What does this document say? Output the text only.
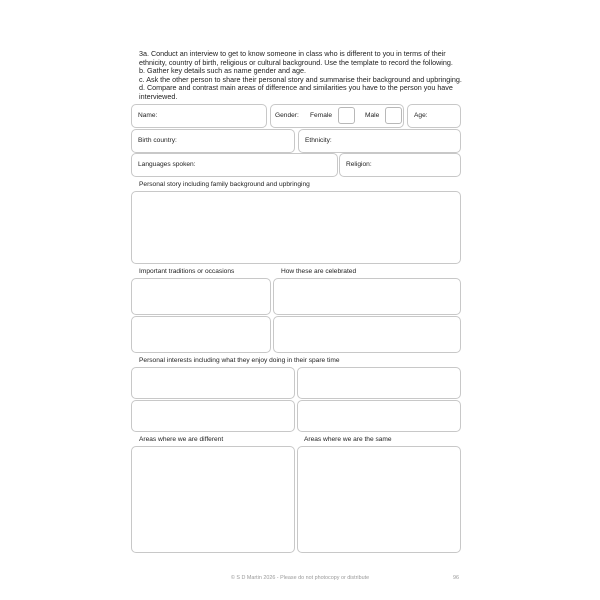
3a. Conduct an interview to get to know someone in class who is different to you in terms of their
ethnicity, country of birth, religious or cultural background. Use the template to record the following.
b. Gather key details such as name gender and age.
c. Ask the other person to share their personal story and summarise their background and upbringing.
d. Compare and contrast main areas of difference and similarities you have to the person you have
interviewed.
Name:	Gender: Female	Male	Age:
Birth country:	Ethnicity:
Languages spoken:	Religion:
Personal story including family background and upbringing
Important traditions or occasions	How these are celebrated
Personal interests including what they enjoy doing in their spare time
Areas where we are different	Areas where we are the same
© S D Martin 2026 - Please do not photocopy or distribute	96
